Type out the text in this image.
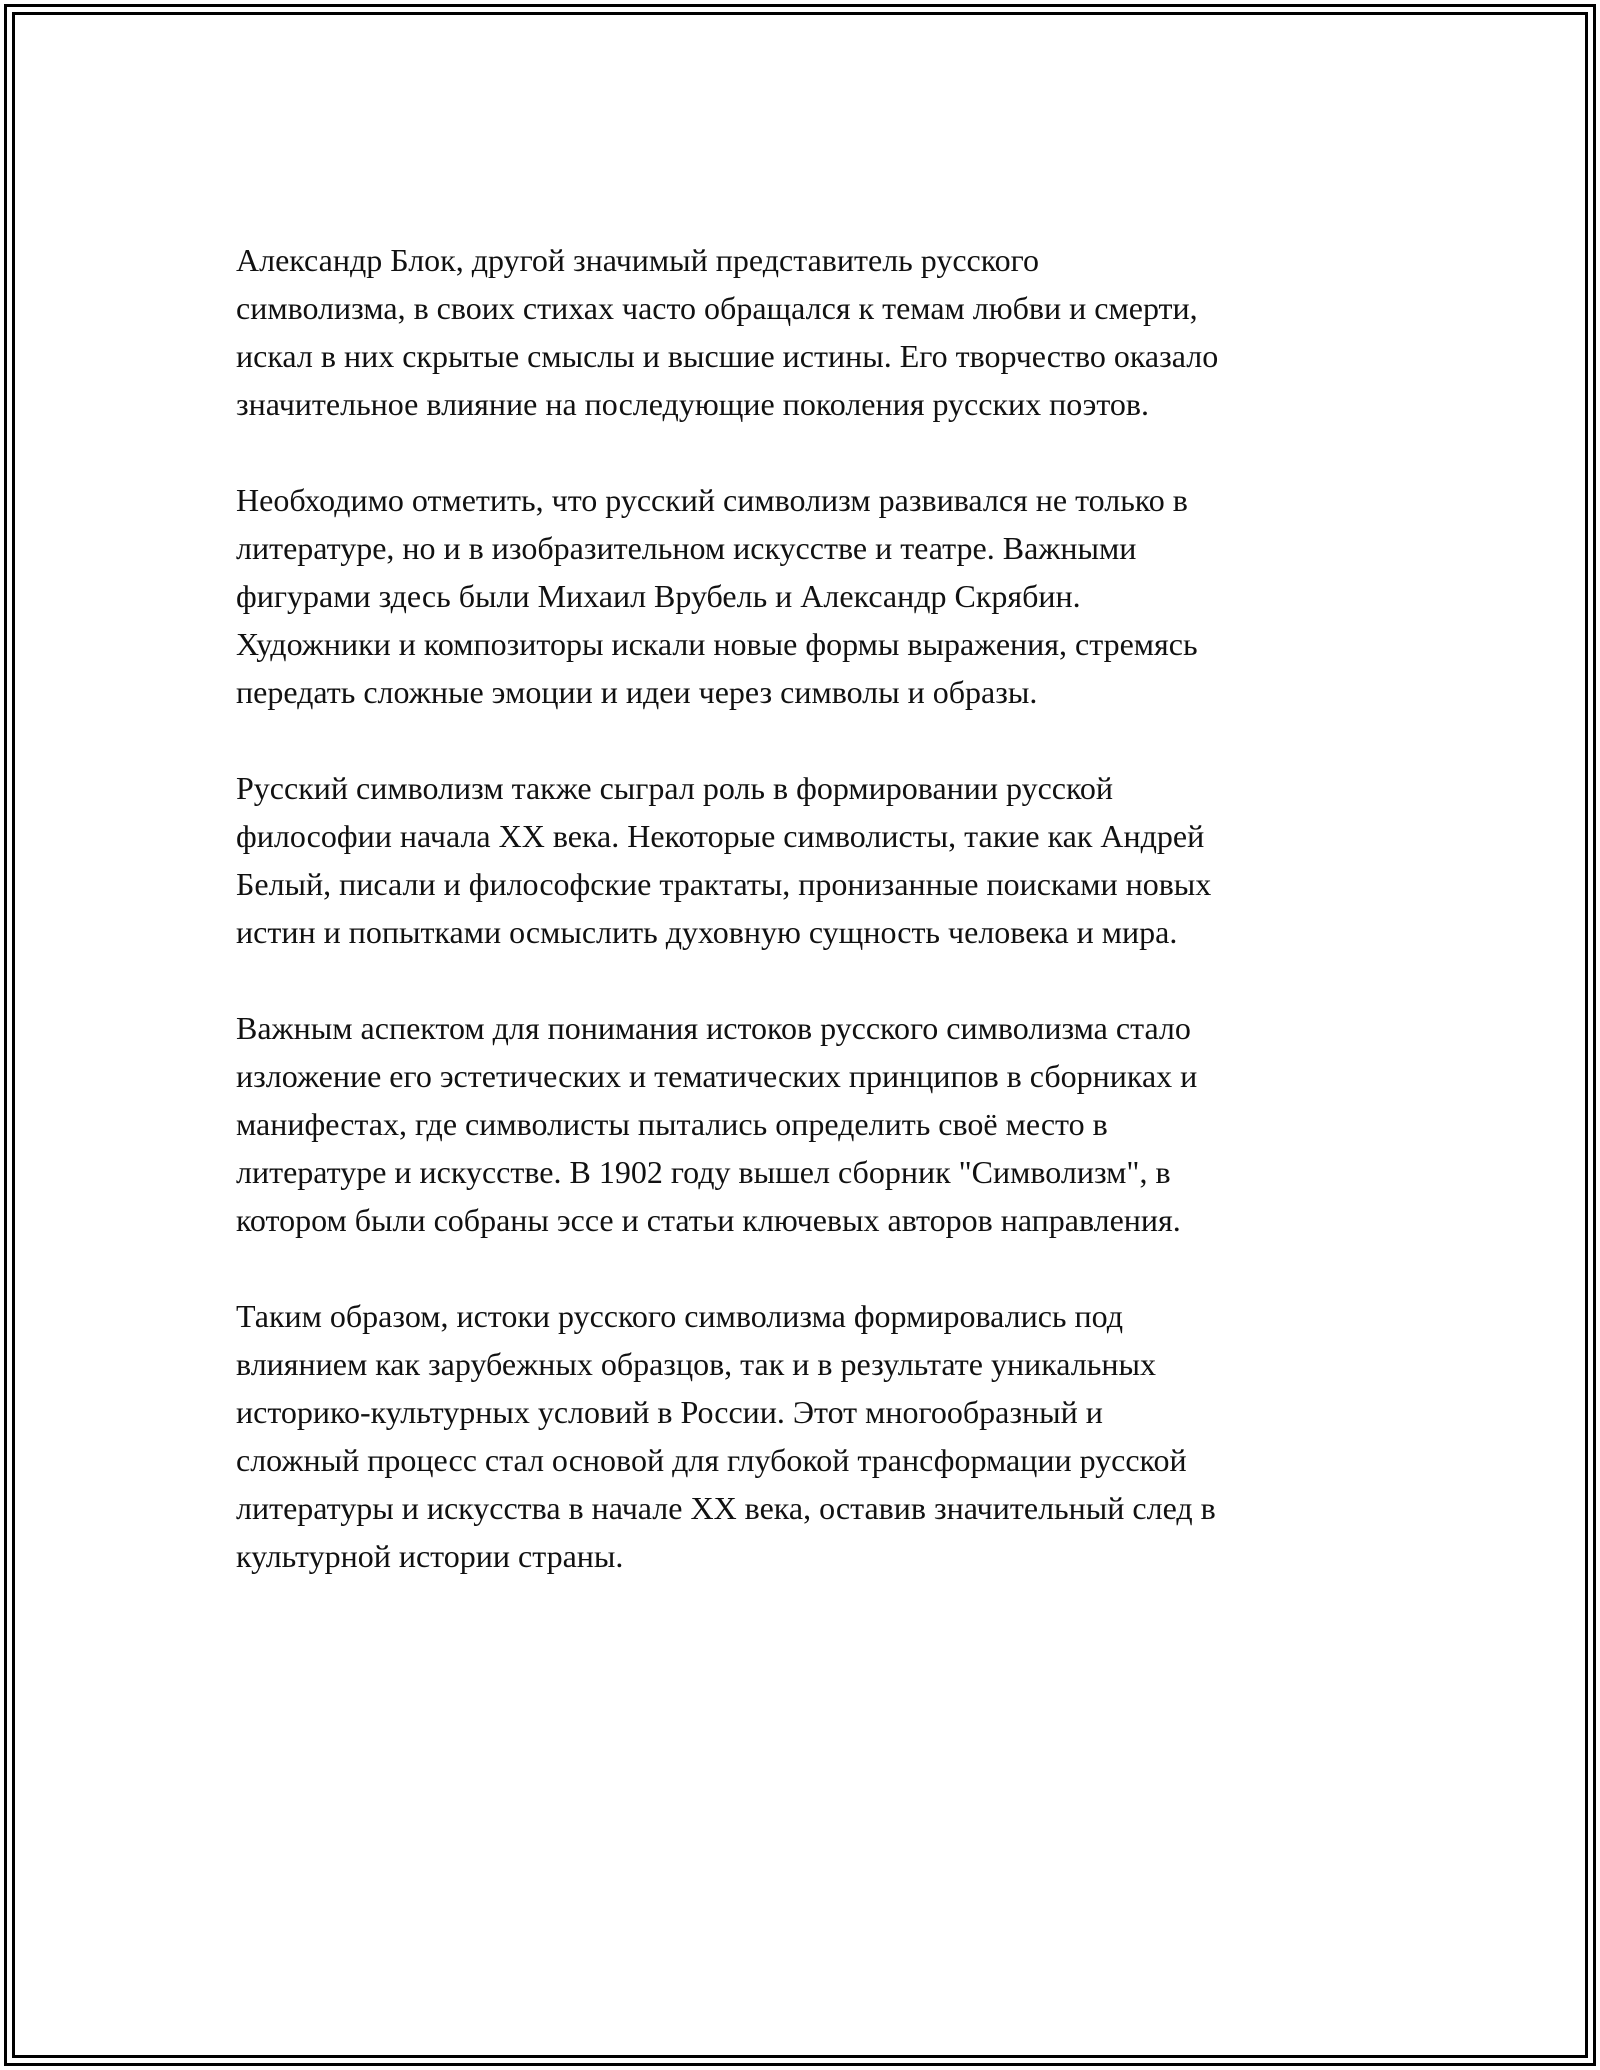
Александр Блок, другой значимый представитель русского
символизма, в своих стихах часто обращался к темам любви и смерти,
искал в них скрытые смыслы и высшие истины. Его творчество оказало
значительное влияние на последующие поколения русских поэтов.

Необходимо отметить, что русский символизм развивался не только в
литературе, но и в изобразительном искусстве и театре. Важными
фигурами здесь были Михаил Врубель и Александр Скрябин.
Художники и композиторы искали новые формы выражения, стремясь
передать сложные эмоции и идеи через символы и образы.

Русский символизм также сыграл роль в формировании русской
философии начала XX века. Некоторые символисты, такие как Андрей
Белый, писали и философские трактаты, пронизанные поисками новых
истин и попытками осмыслить духовную сущность человека и мира.

Важным аспектом для понимания истоков русского символизма стало
изложение его эстетических и тематических принципов в сборниках и
манифестах, где символисты пытались определить своё место в
литературе и искусстве. В 1902 году вышел сборник "Символизм", в
котором были собраны эссе и статьи ключевых авторов направления.

Таким образом, истоки русского символизма формировались под
влиянием как зарубежных образцов, так и в результате уникальных
историко-культурных условий в России. Этот многообразный и
сложный процесс стал основой для глубокой трансформации русской
литературы и искусства в начале XX века, оставив значительный след в
культурной истории страны.
